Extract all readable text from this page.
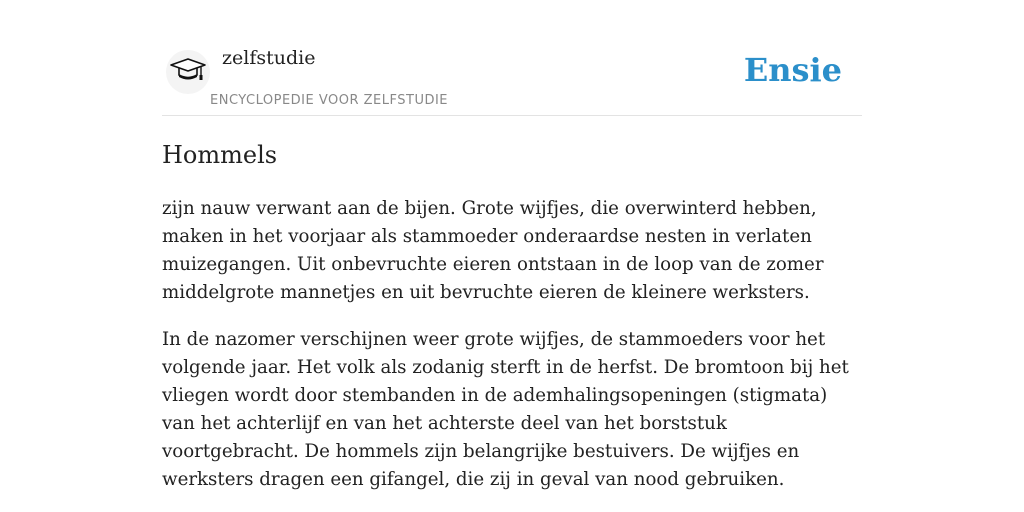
zelfstudie
ENCYCLOPEDIE VOOR ZELFSTUDIE
Ensie
Hommels

zijn nauw verwant aan de bijen. Grote wijfjes, die overwinterd hebben, maken in het voorjaar als stammoeder onderaardse nesten in verlaten muizegangen. Uit onbevruchte eieren ontstaan in de loop van de zomer middelgrote mannetjes en uit bevruchte eieren de kleinere werksters.

In de nazomer verschijnen weer grote wijfjes, de stammoeders voor het volgende jaar. Het volk als zodanig sterft in de herfst. De bromtoon bij het vliegen wordt door stembanden in de ademhalingsopeningen (stigmata) van het achterlijf en van het achterste deel van het borststuk voortgebracht. De hommels zijn belangrijke bestuivers. De wijfjes en werksters dragen een gifangel, die zij in geval van nood gebruiken.
